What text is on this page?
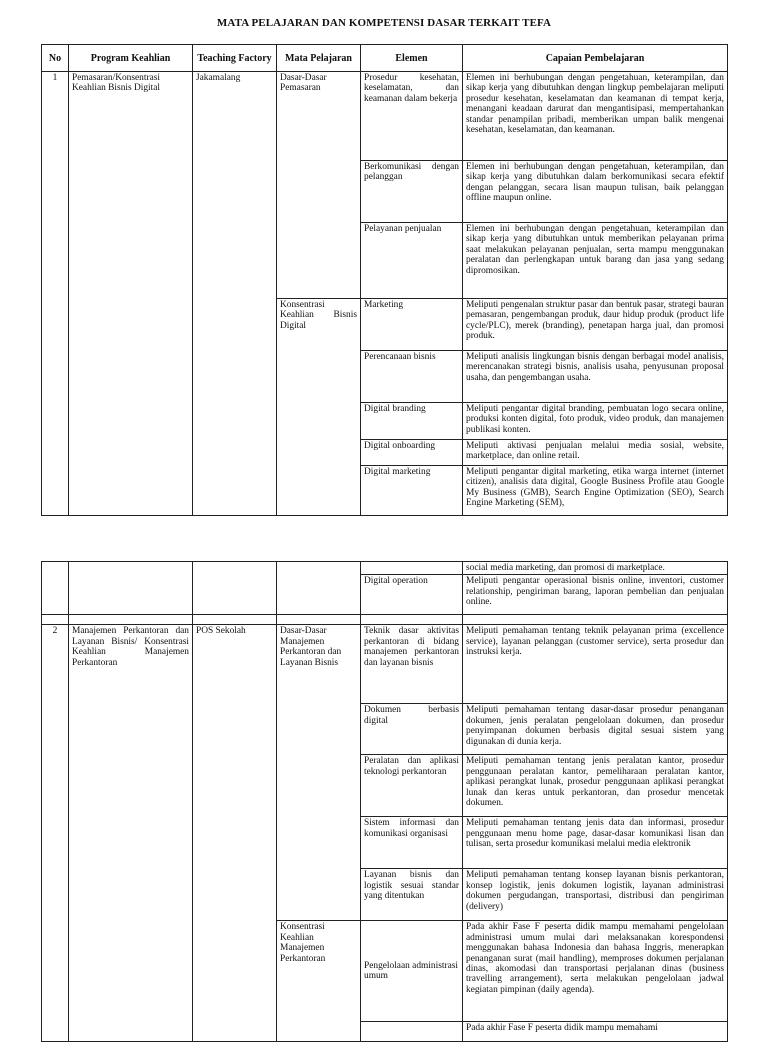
MATA PELAJARAN DAN KOMPETENSI DASAR TERKAIT TEFA
No	Program Keahlian	Teaching Factory	Mata Pelajaran	Elemen	Capaian Pembelajaran
1	Pemasaran/Konsentrasi Keahlian Bisnis Digital	Jakamalang	Dasar-Dasar Pemasaran	Prosedur kesehatan, keselamatan, dan keamanan dalam bekerja	Elemen ini berhubungan dengan pengetahuan, keterampilan, dan sikap kerja yang dibutuhkan dengan lingkup pembelajaran meliputi prosedur kesehatan, keselamatan dan keamanan di tempat kerja, menangani keadaan darurat dan mengantisipasi, mempertahankan standar penampilan pribadi, memberikan umpan balik mengenai kesehatan, keselamatan, dan keamanan.
				Berkomunikasi dengan pelanggan	Elemen ini berhubungan dengan pengetahuan, keterampilan, dan sikap kerja yang dibutuhkan dalam berkomunikasi secara efektif dengan pelanggan, secara lisan maupun tulisan, baik pelanggan offline maupun online.
				Pelayanan penjualan	Elemen ini berhubungan dengan pengetahuan, keterampilan dan sikap kerja yang dibutuhkan untuk memberikan pelayanan prima saat melakukan pelayanan penjualan, serta mampu menggunakan peralatan dan perlengkapan untuk barang dan jasa yang sedang dipromosikan.
			Konsentrasi Keahlian Bisnis Digital	Marketing	Meliputi pengenalan struktur pasar dan bentuk pasar, strategi bauran pemasaran, pengembangan produk, daur hidup produk (product life cycle/PLC), merek (branding), penetapan harga jual, dan promosi produk.
				Perencanaan bisnis	Meliputi analisis lingkungan bisnis dengan berbagai model analisis, merencanakan strategi bisnis, analisis usaha, penyusunan proposal usaha, dan pengembangan usaha.
				Digital branding	Meliputi pengantar digital branding, pembuatan logo secara online, produksi konten digital, foto produk, video produk, dan manajemen publikasi konten.
				Digital onboarding	Meliputi aktivasi penjualan melalui media sosial, website, marketplace, dan online retail.
				Digital marketing	Meliputi pengantar digital marketing, etika warga internet (internet citizen), analisis data digital, Google Business Profile atau Google My Business (GMB), Search Engine Optimization (SEO), Search Engine Marketing (SEM),
					social media marketing, dan promosi di marketplace.
				Digital operation	Meliputi pengantar operasional bisnis online, inventori, customer relationship, pengiriman barang, laporan pembelian dan penjualan online.

2	Manajemen Perkantoran dan Layanan Bisnis/ Konsentrasi Keahlian Manajemen Perkantoran	POS Sekolah	Dasar-Dasar Manajemen Perkantoran dan Layanan Bisnis	Teknik dasar aktivitas perkantoran di bidang manajemen perkantoran dan layanan bisnis	Meliputi pemahaman tentang teknik pelayanan prima (excellence service), layanan pelanggan (customer service), serta prosedur dan instruksi kerja.
				Dokumen berbasis digital	Meliputi pemahaman tentang dasar-dasar prosedur penanganan dokumen, jenis peralatan pengelolaan dokumen, dan prosedur penyimpanan dokumen berbasis digital sesuai sistem yang digunakan di dunia kerja.
				Peralatan dan aplikasi teknologi perkantoran	Meliputi pemahaman tentang jenis peralatan kantor, prosedur penggunaan peralatan kantor, pemeliharaan peralatan kantor, aplikasi perangkat lunak, prosedur penggunaan aplikasi perangkat lunak dan keras untuk perkantoran, dan prosedur mencetak dokumen.
				Sistem informasi dan komunikasi organisasi	Meliputi pemahaman tentang jenis data dan informasi, prosedur penggunaan menu home page, dasar-dasar komunikasi lisan dan tulisan, serta prosedur komunikasi melalui media elektronik
				Layanan bisnis dan logistik sesuai standar yang ditentukan	Meliputi pemahaman tentang konsep layanan bisnis perkantoran, konsep logistik, jenis dokumen logistik, layanan administrasi dokumen pergudangan, transportasi, distribusi dan pengiriman (delivery)
			Konsentrasi Keahlian Manajemen Perkantoran	Pengelolaan administrasi umum	Pada akhir Fase F peserta didik mampu memahami pengelolaan administrasi umum mulai dari melaksanakan korespondensi menggunakan bahasa Indonesia dan bahasa Inggris, menerapkan penanganan surat (mail handling), memproses dokumen perjalanan dinas, akomodasi dan transportasi perjalanan dinas (business travelling arrangement), serta melakukan pengelolaan jadwal kegiatan pimpinan (daily agenda).
					Pada akhir Fase F peserta didik mampu memahami
